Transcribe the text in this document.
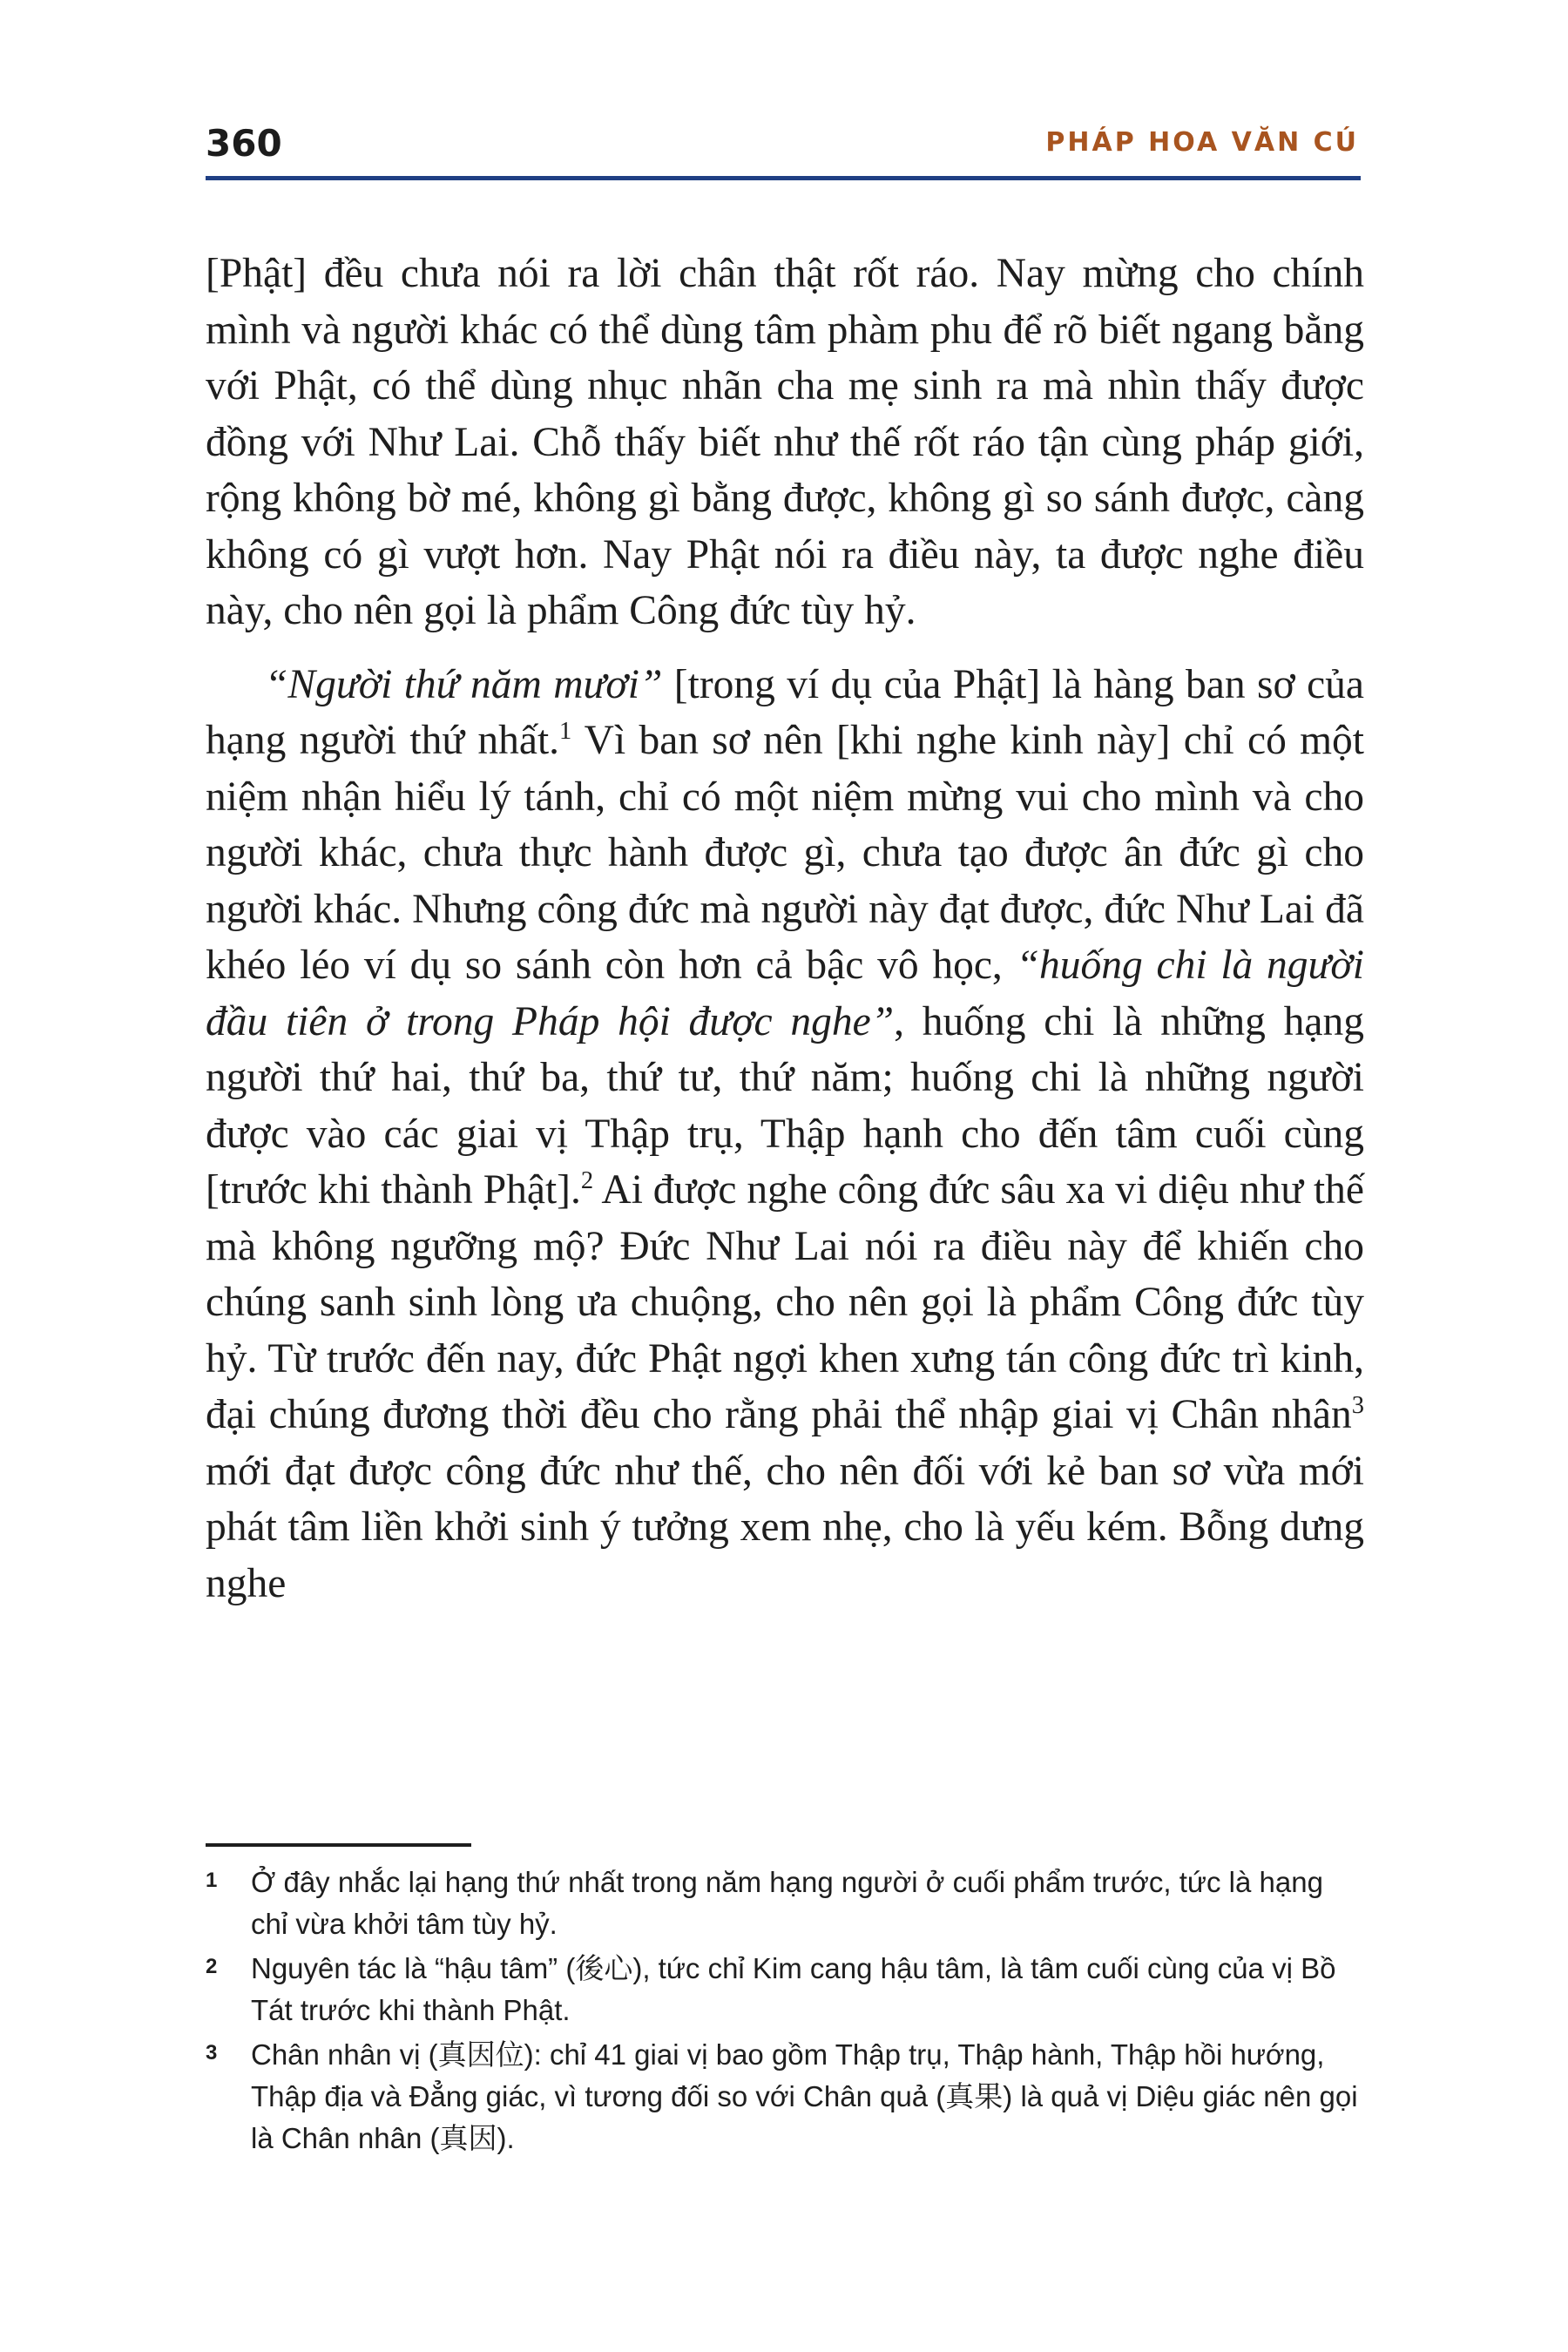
360	PHÁP HOA VĂN CÚ

[Phật] đều chưa nói ra lời chân thật rốt ráo. Nay mừng cho chính mình và người khác có thể dùng tâm phàm phu để rõ biết ngang bằng với Phật, có thể dùng nhục nhãn cha mẹ sinh ra mà nhìn thấy được đồng với Như Lai. Chỗ thấy biết như thế rốt ráo tận cùng pháp giới, rộng không bờ mé, không gì bằng được, không gì so sánh được, càng không có gì vượt hơn. Nay Phật nói ra điều này, ta được nghe điều này, cho nên gọi là phẩm Công đức tùy hỷ.

“Người thứ năm mươi” [trong ví dụ của Phật] là hàng ban sơ của hạng người thứ nhất.$^1$ Vì ban sơ nên [khi nghe kinh này] chỉ có một niệm nhận hiểu lý tánh, chỉ có một niệm mừng vui cho mình và cho người khác, chưa thực hành được gì, chưa tạo được ân đức gì cho người khác. Nhưng công đức mà người này đạt được, đức Như Lai đã khéo léo ví dụ so sánh còn hơn cả bậc vô học, “huống chi là người đầu tiên ở trong Pháp hội được nghe”, huống chi là những hạng người thứ hai, thứ ba, thứ tư, thứ năm; huống chi là những người được vào các giai vị Thập trụ, Thập hạnh cho đến tâm cuối cùng [trước khi thành Phật].$^2$ Ai được nghe công đức sâu xa vi diệu như thế mà không ngưỡng mộ? Đức Như Lai nói ra điều này để khiến cho chúng sanh sinh lòng ưa chuộng, cho nên gọi là phẩm Công đức tùy hỷ. Từ trước đến nay, đức Phật ngợi khen xưng tán công đức trì kinh, đại chúng đương thời đều cho rằng phải thể nhập giai vị Chân nhân$^3$ mới đạt được công đức như thế, cho nên đối với kẻ ban sơ vừa mới phát tâm liền khởi sinh ý tưởng xem nhẹ, cho là yếu kém. Bỗng dưng nghe

1 Ở đây nhắc lại hạng thứ nhất trong năm hạng người ở cuối phẩm trước, tức là hạng chỉ vừa khởi tâm tùy hỷ.
2 Nguyên tác là “hậu tâm” (後心), tức chỉ Kim cang hậu tâm, là tâm cuối cùng của vị Bồ Tát trước khi thành Phật.
3 Chân nhân vị (真因位): chỉ 41 giai vị bao gồm Thập trụ, Thập hành, Thập hồi hướng, Thập địa và Đẳng giác, vì tương đối so với Chân quả (真果) là quả vị Diệu giác nên gọi là Chân nhân (真因).
